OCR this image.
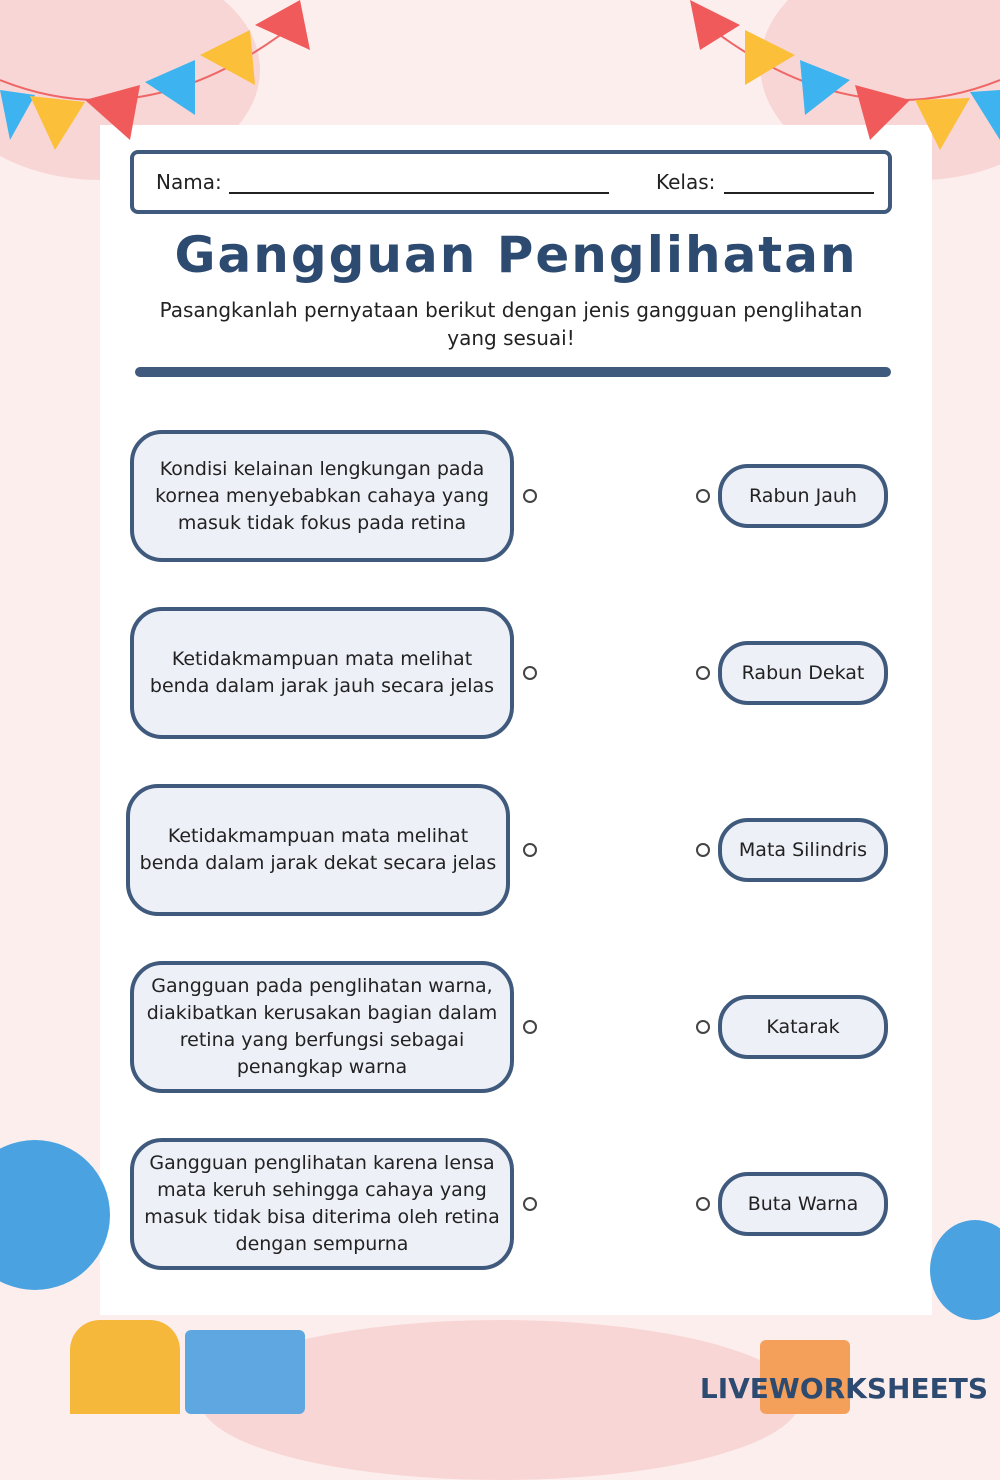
Nama:	Kelas:
Gangguan Penglihatan
Pasangkanlah pernyataan berikut dengan jenis gangguan penglihatan yang sesuai!
Kondisi kelainan lengkungan pada kornea menyebabkan cahaya yang masuk tidak fokus pada retina
Ketidakmampuan mata melihat benda dalam jarak jauh secara jelas
Ketidakmampuan mata melihat benda dalam jarak dekat secara jelas
Gangguan pada penglihatan warna, diakibatkan kerusakan bagian dalam retina yang berfungsi sebagai penangkap warna
Gangguan penglihatan karena lensa mata keruh sehingga cahaya yang masuk tidak bisa diterima oleh retina dengan sempurna
Rabun Jauh
Rabun Dekat
Mata Silindris
Katarak
Buta Warna
LIVEWORKSHEETS
